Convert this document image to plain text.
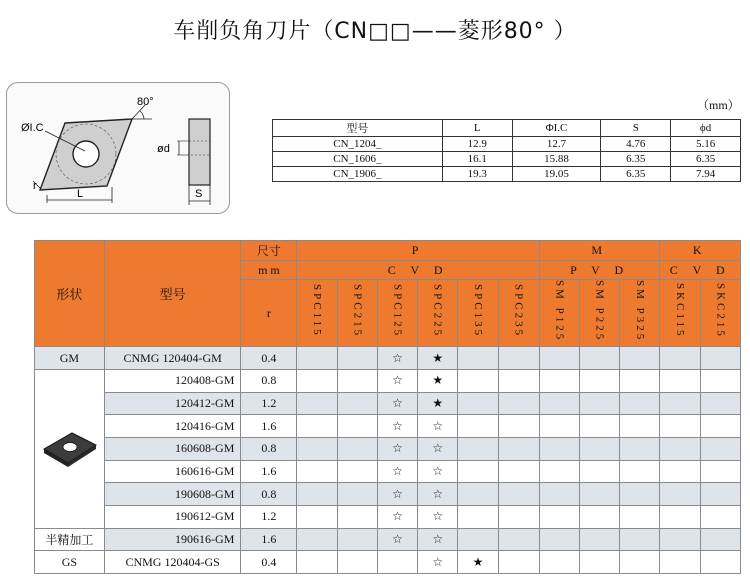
车削负角刀片（CN□□——菱形80° ）
80°
ØI.C
r
L
ød
S
（mm）
型号	L	ΦI.C	S	ϕd
CN_1204_	12.9	12.7	4.76	5.16
CN_1606_	16.1	15.88	6.35	6.35
CN_1906_	19.3	19.05	6.35	7.94
形状	型号	尺寸	P						M			K	
		m m	C V D						P V D			C V D	
		r	SPC115	SPC215	SPC125	SPC225	SPC135	SPC235	SM P125	SM P225	SM P325	SKC115	SKC215
GM	CNMG 120404-GM	0.4			☆	★							
	120408-GM	0.8			☆	★							
	120412-GM	1.2			☆	★							
	120416-GM	1.6			☆	☆							
	160608-GM	0.8			☆	☆							
	160616-GM	1.6			☆	☆							
	190608-GM	0.8			☆	☆							
	190612-GM	1.2			☆	☆							
半精加工	190616-GM	1.6			☆	☆							
GS	CNMG 120404-GS	0.4				☆	★						
